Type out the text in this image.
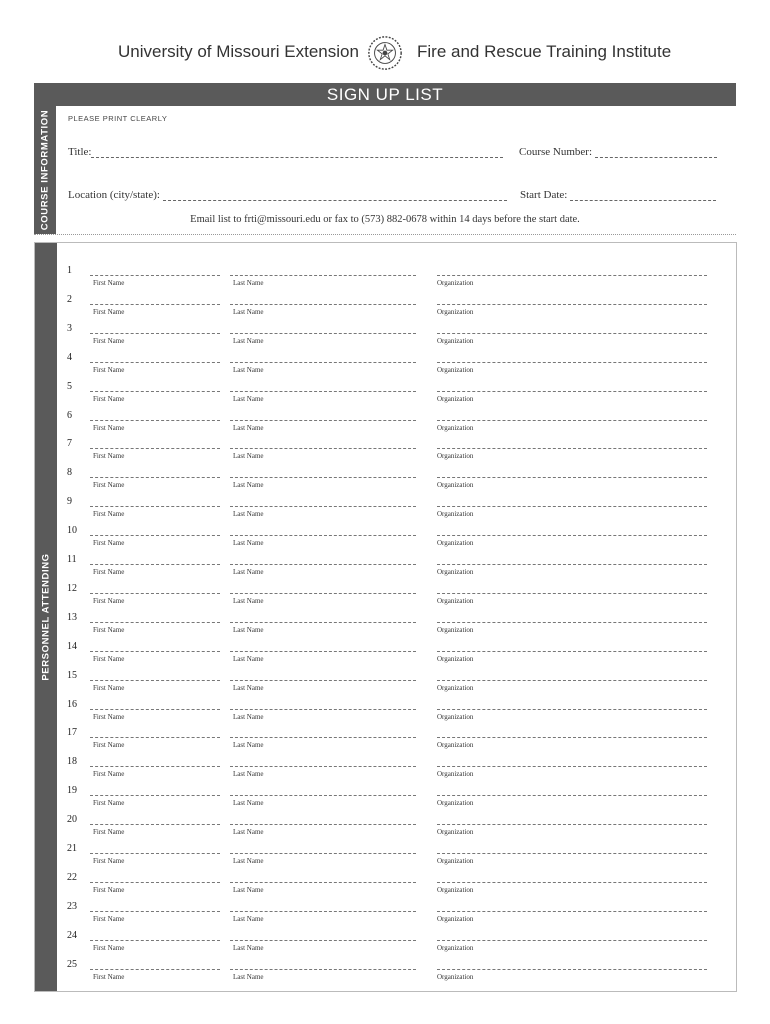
University of Missouri Extension	Fire and Rescue Training Institute
SIGN UP LIST
COURSE INFORMATION PLEASE PRINT CLEARLY
Title:	Course Number:
Location (city/state):	Start Date:
Email list to frti@missouri.edu or fax to (573) 882-0678 within 14 days before the start date.
PERSONNEL ATTENDING
1
First Name	Last Name	Organization
2
First Name	Last Name	Organization
3
First Name	Last Name	Organization
4
First Name	Last Name	Organization
5
First Name	Last Name	Organization
6
First Name	Last Name	Organization
7
First Name	Last Name	Organization
8
First Name	Last Name	Organization
9
First Name	Last Name	Organization
10
First Name	Last Name	Organization
11
First Name	Last Name	Organization
12
First Name	Last Name	Organization
13
First Name	Last Name	Organization
14
First Name	Last Name	Organization
15
First Name	Last Name	Organization
16
First Name	Last Name	Organization
17
First Name	Last Name	Organization
18
First Name	Last Name	Organization
19
First Name	Last Name	Organization
20
First Name	Last Name	Organization
21
First Name	Last Name	Organization
22
First Name	Last Name	Organization
23
First Name	Last Name	Organization
24
First Name	Last Name	Organization
25
First Name	Last Name	Organization
